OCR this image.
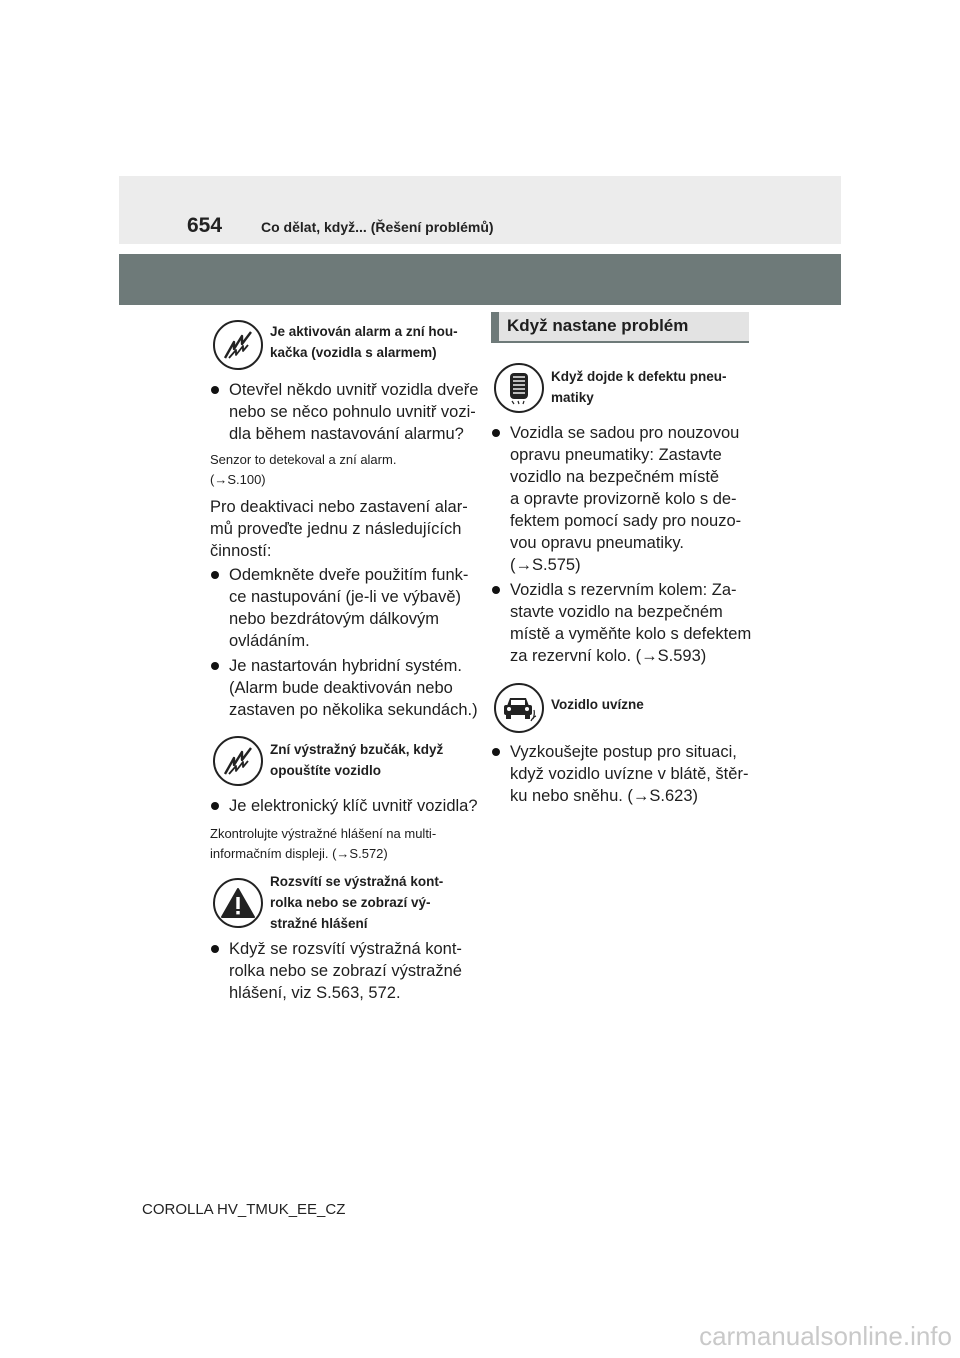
654	Co dělat, když... (Řešení problémů)
Je aktivován alarm a zní hou-
kačka (vozidla s alarmem)
Otevřel někdo uvnitř vozidla dveře
nebo se něco pohnulo uvnitř vozi-
dla během nastavování alarmu?
Senzor to detekoval a zní alarm.
(→S.100)
Pro deaktivaci nebo zastavení alar-
mů proveďte jednu z následujících
činností:
Odemkněte dveře použitím funk-
ce nastupování (je-li ve výbavě)
nebo bezdrátovým dálkovým
ovládáním.
Je nastartován hybridní systém.
(Alarm bude deaktivován nebo
zastaven po několika sekundách.)
Zní výstražný bzučák, když
opouštíte vozidlo
Je elektronický klíč uvnitř vozidla?
Zkontrolujte výstražné hlášení na multi-
informačním displeji. (→S.572)
Rozsvítí se výstražná kont-
rolka nebo se zobrazí vý-
stražné hlášení
Když se rozsvítí výstražná kont-
rolka nebo se zobrazí výstražné
hlášení, viz S.563, 572.
Když nastane problém
Když dojde k defektu pneu-
matiky
Vozidla se sadou pro nouzovou
opravu pneumatiky: Zastavte
vozidlo na bezpečném místě
a opravte provizorně kolo s de-
fektem pomocí sady pro nouzo-
vou opravu pneumatiky.
(→S.575)
Vozidla s rezervním kolem: Za-
stavte vozidlo na bezpečném
místě a vyměňte kolo s defektem
za rezervní kolo. (→S.593)
Vozidlo uvízne
Vyzkoušejte postup pro situaci,
když vozidlo uvízne v blátě, štěr-
ku nebo sněhu. (→S.623)
COROLLA HV_TMUK_EE_CZ
carmanualsonline.info
